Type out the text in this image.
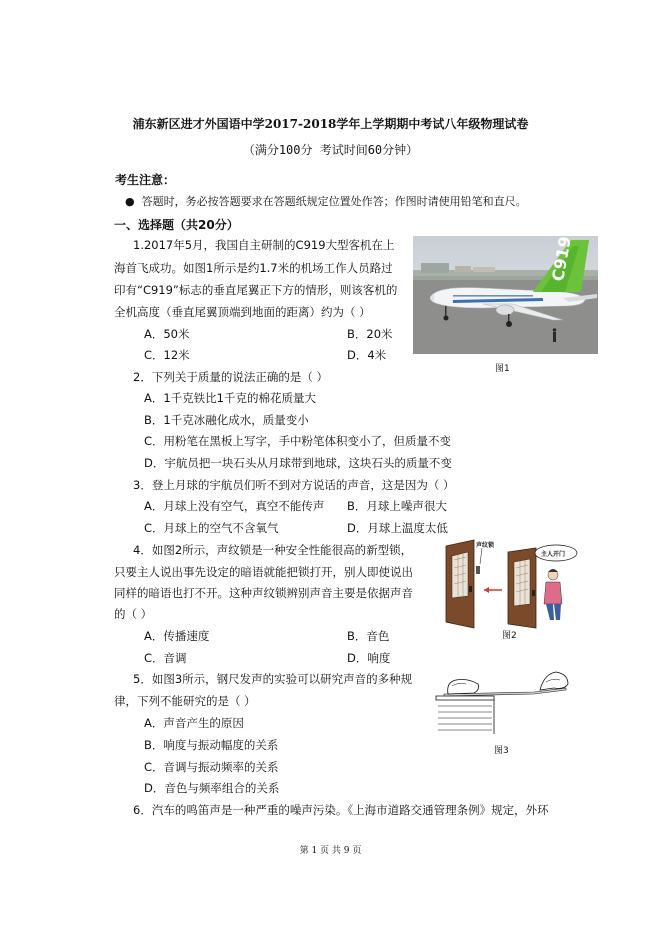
浦东新区进才外国语中学2017-2018学年上学期期中考试八年级物理试卷
（满分100分 考试时间60分钟）
考生注意：
●  答题时，务必按答题要求在答题纸规定位置处作答；作图时请使用铅笔和直尺。
一、选择题（共20分）
1.2017年5月，我国自主研制的C919大型客机在上
海首飞成功。如图1所示是约1.7米的机场工作人员路过
印有“C919”标志的垂直尾翼正下方的情形，则该客机的
全机高度（垂直尾翼顶端到地面的距离）约为（ ）
A．50米	B．20米
C．12米	D．4米
C919
图1
2．下列关于质量的说法正确的是（ ）
A．1千克铁比1千克的棉花质量大
B．1千克冰融化成水，质量变小
C．用粉笔在黑板上写字，手中粉笔体积变小了，但质量不变
D．宇航员把一块石头从月球带到地球，这块石头的质量不变
3．登上月球的宇航员们听不到对方说话的声音，这是因为（ ）
A．月球上没有空气，真空不能传声 B．月球上噪声很大
C．月球上的空气不含氧气	D．月球上温度太低
4．如图2所示，声纹锁是一种安全性能很高的新型锁，
只要主人说出事先设定的暗语就能把锁打开，别人即使说出
同样的暗语也打不开。这种声纹锁辨别声音主要是依据声音
的（ ）
A．传播速度	B．音色
C．音调	D．响度
声纹锁
主人开门
图2
5．如图3所示，钢尺发声的实验可以研究声音的多种规
律，下列不能研究的是（ ）
A．声音产生的原因
B．响度与振动幅度的关系
C．音调与振动频率的关系
D．音色与频率组合的关系
图3
6．汽车的鸣笛声是一种严重的噪声污染。《上海市道路交通管理条例》规定，外环
第 1 页 共 9 页
